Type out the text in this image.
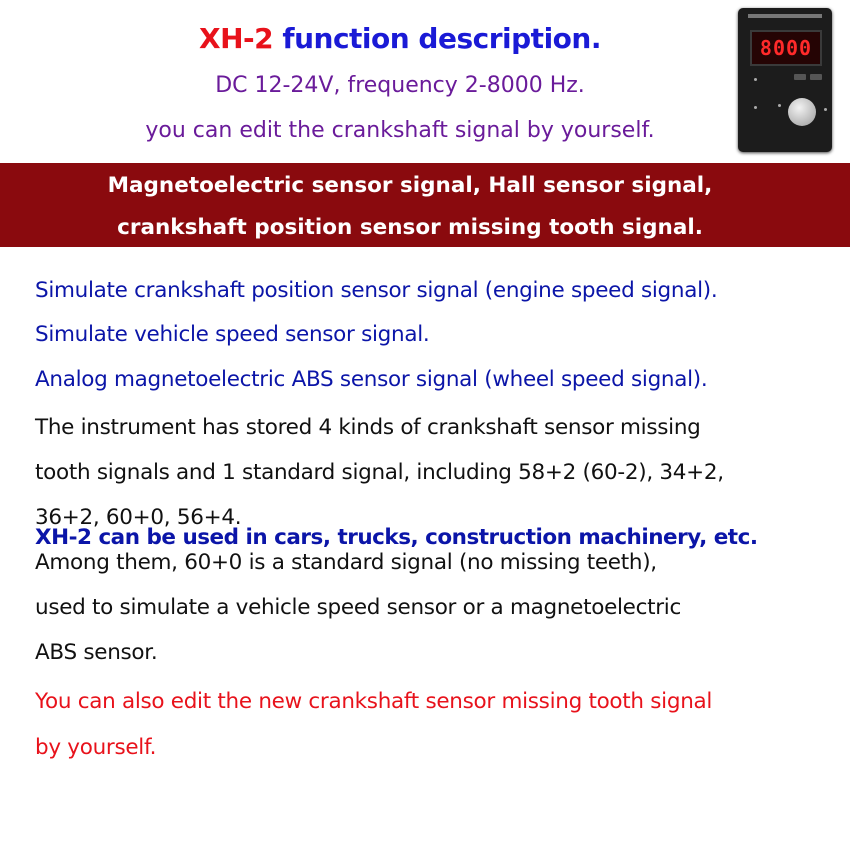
XH-2 function description.
DC 12-24V, frequency 2-8000 Hz.
you can edit the crankshaft signal by yourself.
8000
Magnetoelectric sensor signal, Hall sensor signal,
crankshaft position sensor missing tooth signal.
Simulate crankshaft position sensor signal (engine speed signal).
Simulate vehicle speed sensor signal.
Analog magnetoelectric ABS sensor signal (wheel speed signal).
The instrument has stored 4 kinds of crankshaft sensor missing
tooth signals and 1 standard signal, including 58+2 (60-2), 34+2,
36+2, 60+0, 56+4.
Among them, 60+0 is a standard signal (no missing teeth),
used to simulate a vehicle speed sensor or a magnetoelectric
ABS sensor.
You can also edit the new crankshaft sensor missing tooth signal
by yourself.
XH-2 can be used in cars, trucks, construction machinery, etc.
